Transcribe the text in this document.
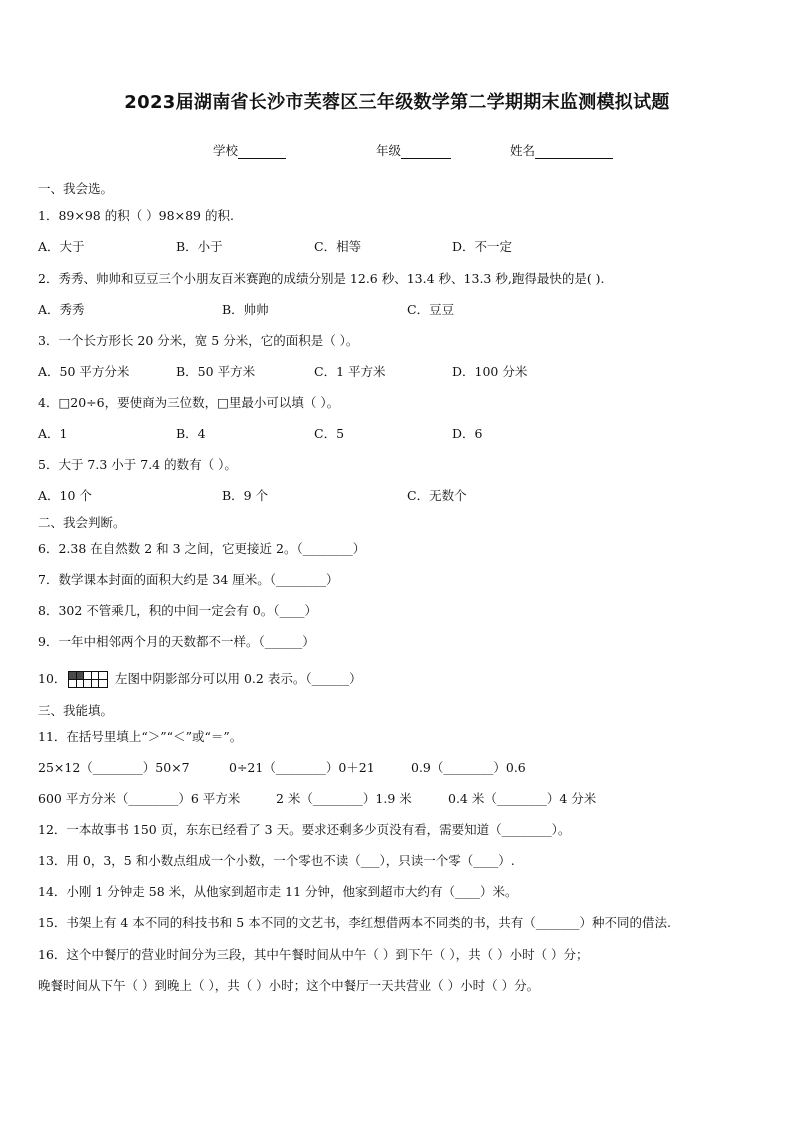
2023届湖南省长沙市芙蓉区三年级数学第二学期期末监测模拟试题
学校	年级	姓名
一、我会选。
1．89×98 的积（ ）98×89 的积.
A．大于	B．小于	C．相等	D．不一定
2．秀秀、帅帅和豆豆三个小朋友百米赛跑的成绩分别是 12.6 秒、13.4 秒、13.3 秒,跑得最快的是( ).
A．秀秀	B．帅帅	C．豆豆
3．一个长方形长 20 分米，宽 5 分米，它的面积是（ ）。
A．50 平方分米	B．50 平方米	C．1 平方米	D．100 分米
4．□20÷6，要使商为三位数，□里最小可以填（ ）。
A．1	B．4	C．5	D．6
5．大于 7.3 小于 7.4 的数有（ ）。
A．10 个	B．9 个	C．无数个
二、我会判断。
6．2.38 在自然数 2 和 3 之间，它更接近 2。（________）
7．数学课本封面的面积大约是 34 厘米。（________）
8．302 不管乘几，积的中间一定会有 0。（____）
9．一年中相邻两个月的天数都不一样。（______）
10．	左图中阴影部分可以用 0.2 表示。（______）
三、我能填。
11．在括号里填上“＞”“＜”或“＝”。
25×12（________）50×7	0÷21（________）0＋21	0.9（________）0.6
600 平方分米（________）6 平方米	2 米（________）1.9 米	0.4 米（________）4 分米
12．一本故事书 150 页，东东已经看了 3 天。要求还剩多少页没有看，需要知道（________）。
13．用 0，3，5 和小数点组成一个小数，一个零也不读（___），只读一个零（____）.
14．小刚 1 分钟走 58 米，从他家到超市走 11 分钟，他家到超市大约有（____）米。
15．书架上有 4 本不同的科技书和 5 本不同的文艺书，李红想借两本不同类的书，共有（_______）种不同的借法.
16．这个中餐厅的营业时间分为三段，其中午餐时间从中午（ ）到下午（ ），共（ ）小时（ ）分；
晚餐时间从下午（ ）到晚上（ ），共（ ）小时；这个中餐厅一天共营业（ ）小时（ ）分。
